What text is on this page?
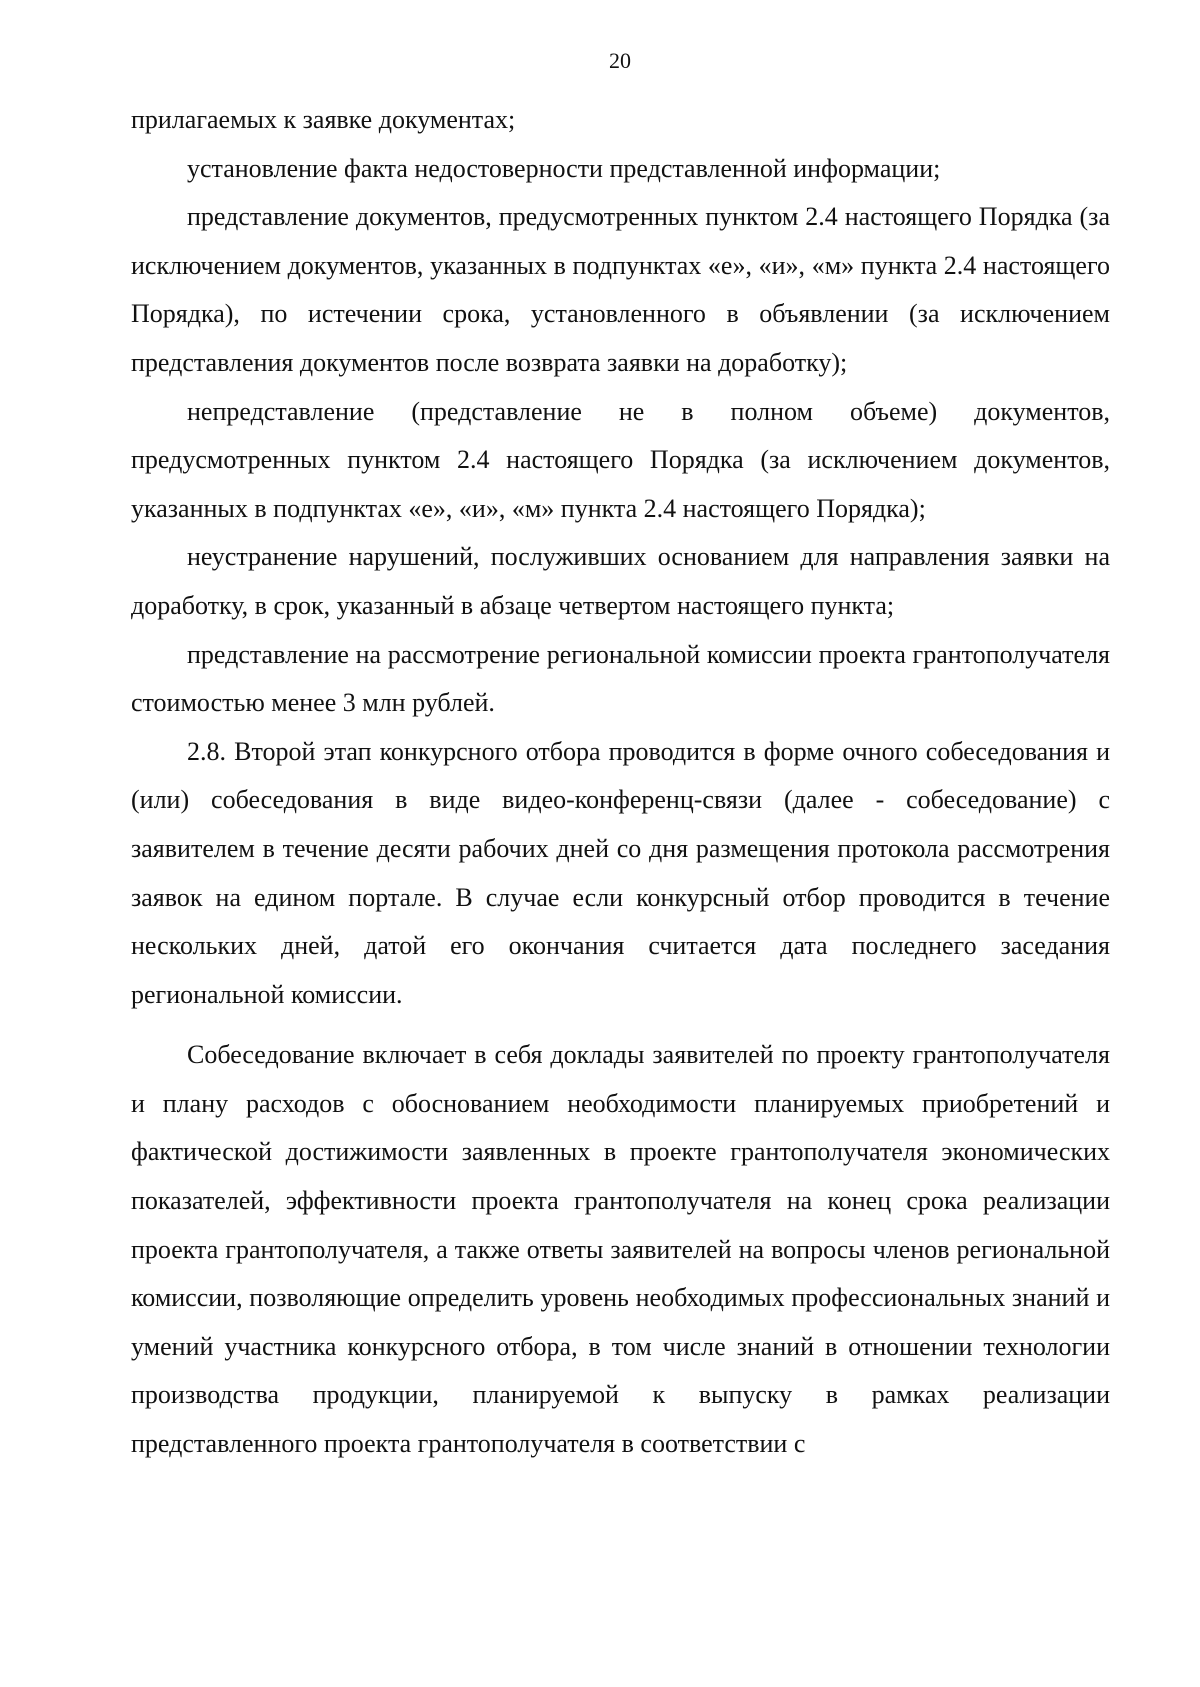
20

прилагаемых к заявке документах;

установление факта недостоверности представленной информации;

представление документов, предусмотренных пунктом 2.4 настоящего Порядка (за исключением документов, указанных в подпунктах «е», «и», «м» пункта 2.4 настоящего Порядка), по истечении срока, установленного в объявлении (за исключением представления документов после возврата заявки на доработку);

непредставление (представление не в полном объеме) документов, предусмотренных пунктом 2.4 настоящего Порядка (за исключением документов, указанных в подпунктах «е», «и», «м» пункта 2.4 настоящего Порядка);

неустранение нарушений, послуживших основанием для направления заявки на доработку, в срок, указанный в абзаце четвертом настоящего пункта;

представление на рассмотрение региональной комиссии проекта грантополучателя стоимостью менее 3 млн рублей.

2.8. Второй этап конкурсного отбора проводится в форме очного собеседования и (или) собеседования в виде видео-конференц-связи (далее - собеседование) с заявителем в течение десяти рабочих дней со дня размещения протокола рассмотрения заявок на едином портале. В случае если конкурсный отбор проводится в течение нескольких дней, датой его окончания считается дата последнего заседания региональной комиссии.

Собеседование включает в себя доклады заявителей по проекту грантополучателя и плану расходов с обоснованием необходимости планируемых приобретений и фактической достижимости заявленных в проекте грантополучателя экономических показателей, эффективности проекта грантополучателя на конец срока реализации проекта грантополучателя, а также ответы заявителей на вопросы членов региональной комиссии, позволяющие определить уровень необходимых профессиональных знаний и умений участника конкурсного отбора, в том числе знаний в отношении технологии производства продукции, планируемой к выпуску в рамках реализации представленного проекта грантополучателя в соответствии с
